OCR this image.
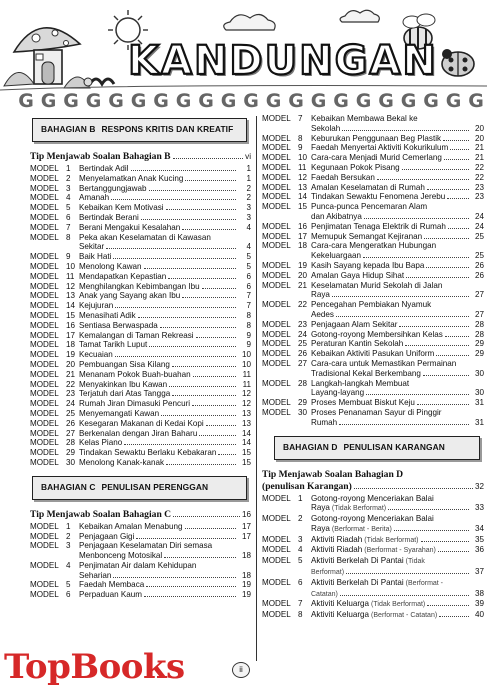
KANDUNGAN
G G G G G G G G G G G G G G G G G G G G G
BAHAGIAN B RESPONS KRITIS DAN KREATIF
Tip Menjawab Soalan Bahagian B	vi
MODEL 1	Bertindak Adil	1
MODEL 2	Menyelamatkan Anak Kucing	1
MODEL 3	Bertanggungjawab	2
MODEL 4	Amanah	2
MODEL 5	Kebaikan Kem Motivasi	3
MODEL 6	Bertindak Berani	3
MODEL 7	Berani Mengakui Kesalahan	4
MODEL 8	Peka akan Keselamatan di Kawasan
Sekitar	4
MODEL 9	Baik Hati	5
MODEL 10 Menolong Kawan	5
MODEL 11 Mendapatkan Kepastian	6
MODEL 12 Menghilangkan Kebimbangan Ibu	6
MODEL 13 Anak yang Sayang akan Ibu	7
MODEL 14 Kejujuran	7
MODEL 15 Menasihati Adik	8
MODEL 16 Sentiasa Berwaspada	8
MODEL 17 Kemalangan di Taman Rekreasi	9
MODEL 18 Tamat Tarikh Luput	9
MODEL 19 Kecuaian	10
MODEL 20 Pembuangan Sisa Kilang	10
MODEL 21 Menanam Pokok Buah-buahan	11
MODEL 22 Menyakinkan Ibu Kawan	11
MODEL 23 Terjatuh dari Atas Tangga	12
MODEL 24 Rumah Jiran Dimasuki Pencuri	12
MODEL 25 Menyemangati Kawan	13
MODEL 26 Kesegaran Makanan di Kedai Kopi	13
MODEL 27 Berkenalan dengan Jiran Baharu	14
MODEL 28 Kelas Piano	14
MODEL 29 Tindakan Sewaktu Berlaku Kebakaran	15
MODEL 30 Menolong Kanak-kanak	15
BAHAGIAN C PENULISAN PERENGGAN
Tip Menjawab Soalan Bahagian C	16
MODEL 1	Kebaikan Amalan Menabung	17
MODEL 2	Penjagaan Gigi	17
MODEL 3	Penjagaan Keselamatan Diri semasa
Menbonceng Motosikal	18
MODEL 4	Penjimatan Air dalam Kehidupan
Seharian	18
MODEL 5	Faedah Membaca	19
MODEL 6	Perpaduan Kaum	19
MODEL 7	Kebaikan Membawa Bekal ke
Sekolah	20
MODEL 8	Keburukan Penggunaan Beg Plastik	20
MODEL 9	Faedah Menyertai Aktiviti Kokurikulum	21
MODEL 10 Cara-cara Menjadi Murid Cemerlang	21
MODEL 11 Kegunaan Pokok Pisang	22
MODEL 12 Faedah Bersukan	22
MODEL 13 Amalan Keselamatan di Rumah	23
MODEL 14 Tindakan Sewaktu Fenomena Jerebu	23
MODEL 15 Punca-punca Pencemaran Alam
dan Akibatnya	24
MODEL 16 Penjimatan Tenaga Elektrik di Rumah	24
MODEL 17 Memupuk Semangat Kejiranan	25
MODEL 18 Cara-cara Mengeratkan Hubungan
Kekeluargaan	25
MODEL 19 Kasih Sayang kepada Ibu Bapa	26
MODEL 20 Amalan Gaya Hidup Sihat	26
MODEL 21 Keselamatan Murid Sekolah di Jalan
Raya	27
MODEL 22 Pencegahan Pembiakan Nyamuk
Aedes	27
MODEL 23 Penjagaan Alam Sekitar	28
MODEL 24 Gotong-royong Membersihkan Kelas	28
MODEL 25 Peraturan Kantin Sekolah	29
MODEL 26 Kebaikan Aktiviti Pasukan Uniform	29
MODEL 27 Cara-cara untuk Memastikan Permainan
Tradisional Kekal Berkembang	30
MODEL 28 Langkah-langkah Membuat
Layang-layang	30
MODEL 29 Proses Membuat Biskut Keju	31
MODEL 30 Proses Penanaman Sayur di Pinggir
Rumah	31
BAHAGIAN D PENULISAN KARANGAN
Tip Menjawab Soalan Bahagian D
(penulisan Karangan)	32
MODEL 1	Gotong-royong Menceriakan Balai
Raya (Tidak Berformat)	33
MODEL 2	Gotong-royong Menceriakan Balai
Raya (Berformat - Berita)	34
MODEL 3	Aktiviti Riadah (Tidak Berformat)	35
MODEL 4	Aktiviti Riadah (Berformat - Syarahan)	36
MODEL 5	Aktiviti Berkelah Di Pantai (Tidak
Berformat)	37
MODEL 6	Aktiviti Berkelah Di Pantai (Berformat -
Catatan)	38
MODEL 7	Aktiviti Keluarga (Tidak Berformat)	39
MODEL 8	Aktiviti Keluarga (Berformat - Catatan)	40
TopBooks	ii
